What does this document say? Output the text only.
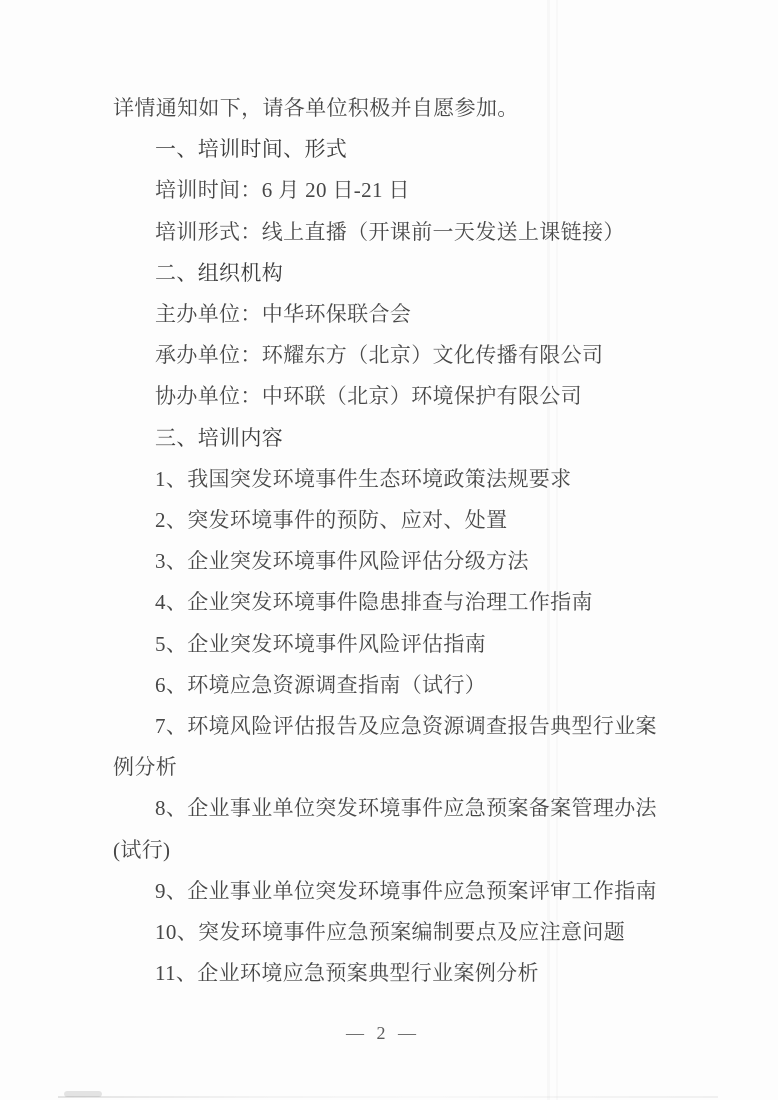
详情通知如下，请各单位积极并自愿参加。

一、培训时间、形式

培训时间：6 月 20 日-21 日

培训形式：线上直播（开课前一天发送上课链接）

二、组织机构

主办单位：中华环保联合会

承办单位：环耀东方（北京）文化传播有限公司

协办单位：中环联（北京）环境保护有限公司

三、培训内容

1、我国突发环境事件生态环境政策法规要求

2、突发环境事件的预防、应对、处置

3、企业突发环境事件风险评估分级方法

4、企业突发环境事件隐患排查与治理工作指南

5、企业突发环境事件风险评估指南

6、环境应急资源调查指南（试行）

7、环境风险评估报告及应急资源调查报告典型行业案例分析

8、企业事业单位突发环境事件应急预案备案管理办法(试行)

9、企业事业单位突发环境事件应急预案评审工作指南

10、突发环境事件应急预案编制要点及应注意问题

11、企业环境应急预案典型行业案例分析

— 2 —
